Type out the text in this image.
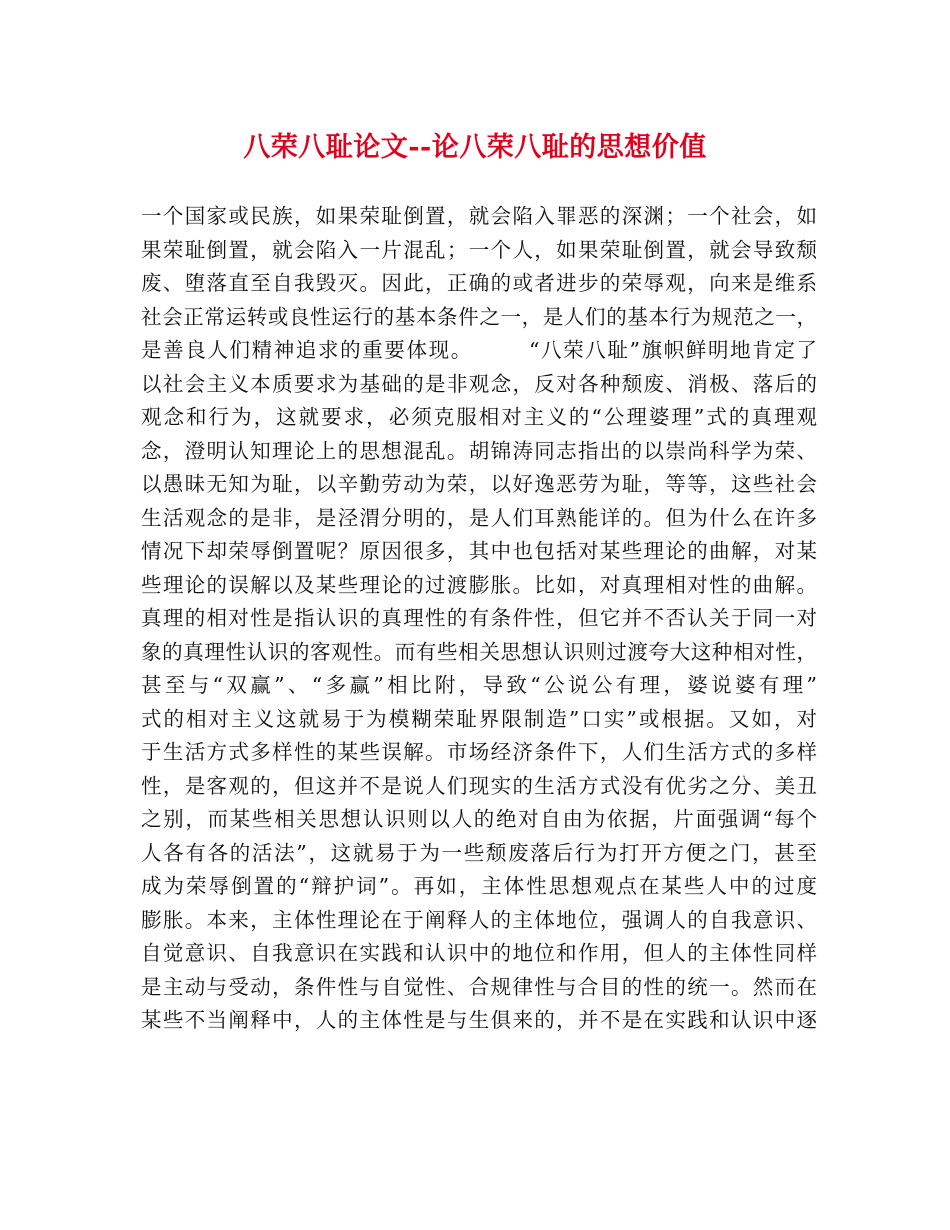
八荣八耻论文--论八荣八耻的思想价值
一个国家或民族，如果荣耻倒置，就会陷入罪恶的深渊；一个社会，如
果荣耻倒置，就会陷入一片混乱；一个人，如果荣耻倒置，就会导致颓
废、堕落直至自我毁灭。因此，正确的或者进步的荣辱观，向来是维系
社会正常运转或良性运行的基本条件之一，是人们的基本行为规范之一，
是善良人们精神追求的重要体现。　　　“八荣八耻”旗帜鲜明地肯定了
以社会主义本质要求为基础的是非观念，反对各种颓废、消极、落后的
观念和行为，这就要求，必须克服相对主义的“公理婆理”式的真理观
念，澄明认知理论上的思想混乱。胡锦涛同志指出的以崇尚科学为荣、
以愚昧无知为耻，以辛勤劳动为荣，以好逸恶劳为耻，等等，这些社会
生活观念的是非，是泾渭分明的，是人们耳熟能详的。但为什么在许多
情况下却荣辱倒置呢？原因很多，其中也包括对某些理论的曲解，对某
些理论的误解以及某些理论的过渡膨胀。比如，对真理相对性的曲解。
真理的相对性是指认识的真理性的有条件性，但它并不否认关于同一对
象的真理性认识的客观性。而有些相关思想认识则过渡夸大这种相对性，
甚至与“双赢”、“多赢”相比附，导致“公说公有理，婆说婆有理”
式的相对主义这就易于为模糊荣耻界限制造”口实”或根据。又如，对
于生活方式多样性的某些误解。市场经济条件下，人们生活方式的多样
性，是客观的，但这并不是说人们现实的生活方式没有优劣之分、美丑
之别，而某些相关思想认识则以人的绝对自由为依据，片面强调“每个
人各有各的活法”，这就易于为一些颓废落后行为打开方便之门，甚至
成为荣辱倒置的“辩护词”。再如，主体性思想观点在某些人中的过度
膨胀。本来，主体性理论在于阐释人的主体地位，强调人的自我意识、
自觉意识、自我意识在实践和认识中的地位和作用，但人的主体性同样
是主动与受动，条件性与自觉性、合规律性与合目的性的统一。然而在
某些不当阐释中，人的主体性是与生俱来的，并不是在实践和认识中逐
